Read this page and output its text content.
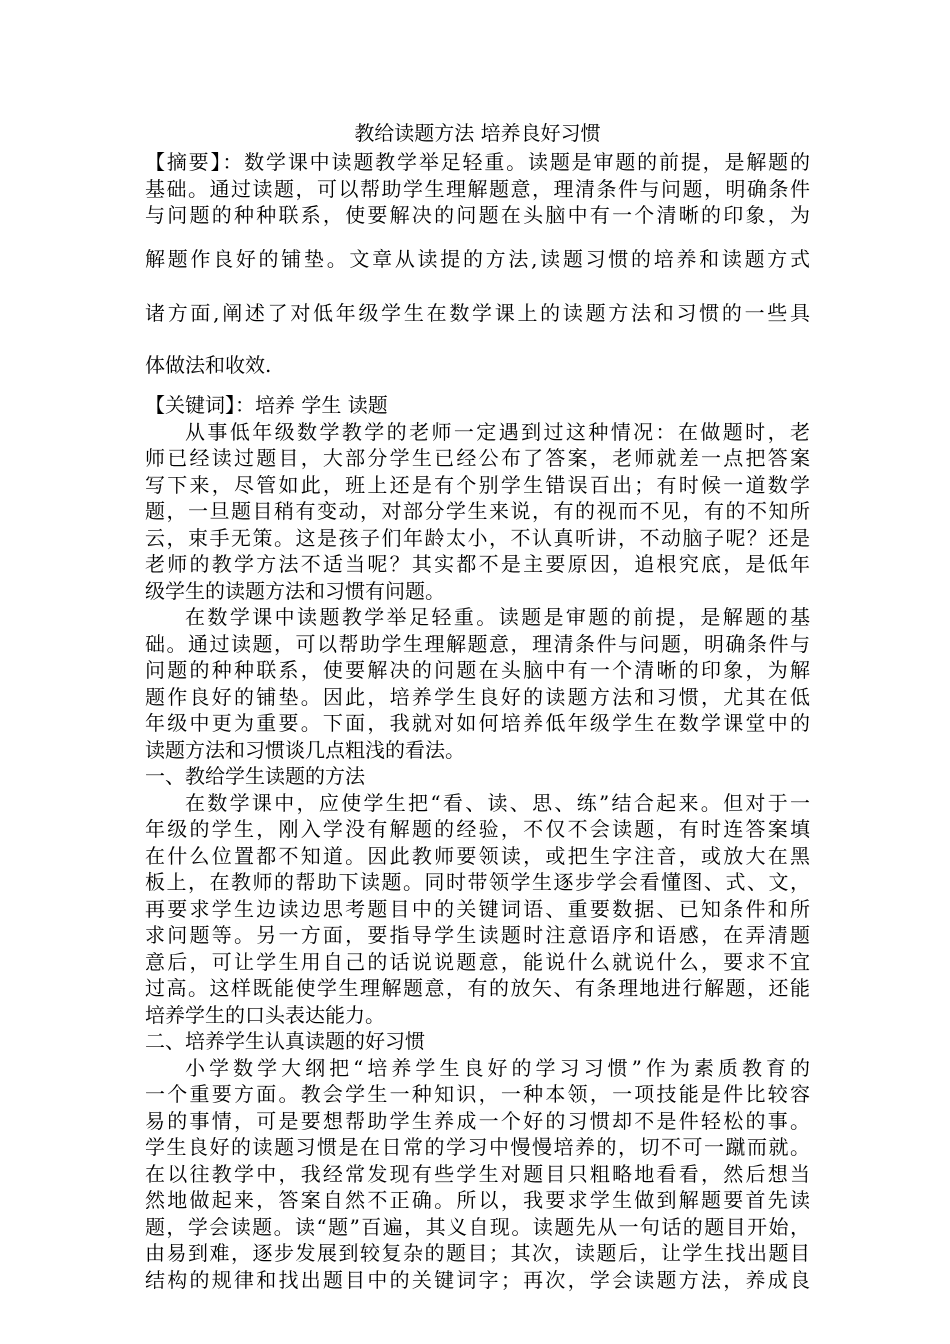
教给读题方法 培养良好习惯

【摘要】：数学课中读题教学举足轻重。读题是审题的前提，是解题的
基础。通过读题，可以帮助学生理解题意，理清条件与问题，明确条件
与问题的种种联系，使要解决的问题在头脑中有一个清晰的印象，为
解题作良好的铺垫。文章从读提的方法,读题习惯的培养和读题方式
诸方面,阐述了对低年级学生在数学课上的读题方法和习惯的一些具
体做法和收效.
【关键词】：培养 学生 读题
从事低年级数学教学的老师一定遇到过这种情况：在做题时，老
师已经读过题目，大部分学生已经公布了答案，老师就差一点把答案
写下来，尽管如此，班上还是有个别学生错误百出；有时候一道数学
题，一旦题目稍有变动，对部分学生来说，有的视而不见，有的不知所
云，束手无策。这是孩子们年龄太小，不认真听讲，不动脑子呢？还是
老师的教学方法不适当呢？其实都不是主要原因，追根究底，是低年
级学生的读题方法和习惯有问题。
在数学课中读题教学举足轻重。读题是审题的前提，是解题的基
础。通过读题，可以帮助学生理解题意，理清条件与问题，明确条件与
问题的种种联系，使要解决的问题在头脑中有一个清晰的印象，为解
题作良好的铺垫。因此，培养学生良好的读题方法和习惯，尤其在低
年级中更为重要。下面，我就对如何培养低年级学生在数学课堂中的
读题方法和习惯谈几点粗浅的看法。
一、教给学生读题的方法
在数学课中，应使学生把“看、读、思、练”结合起来。但对于一
年级的学生，刚入学没有解题的经验，不仅不会读题，有时连答案填
在什么位置都不知道。因此教师要领读，或把生字注音，或放大在黑
板上，在教师的帮助下读题。同时带领学生逐步学会看懂图、式、文，
再要求学生边读边思考题目中的关键词语、重要数据、已知条件和所
求问题等。另一方面，要指导学生读题时注意语序和语感，在弄清题
意后，可让学生用自己的话说说题意，能说什么就说什么，要求不宜
过高。这样既能使学生理解题意，有的放矢、有条理地进行解题，还能
培养学生的口头表达能力。
二、培养学生认真读题的好习惯
小学数学大纲把“培养学生良好的学习习惯”作为素质教育的
一个重要方面。教会学生一种知识，一种本领，一项技能是件比较容
易的事情，可是要想帮助学生养成一个好的习惯却不是件轻松的事。
学生良好的读题习惯是在日常的学习中慢慢培养的，切不可一蹴而就。
在以往教学中，我经常发现有些学生对题目只粗略地看看，然后想当
然地做起来，答案自然不正确。所以，我要求学生做到解题要首先读
题，学会读题。读“题”百遍，其义自现。读题先从一句话的题目开始，
由易到难，逐步发展到较复杂的题目；其次，读题后，让学生找出题目
结构的规律和找出题目中的关键词字；再次，学会读题方法，养成良
